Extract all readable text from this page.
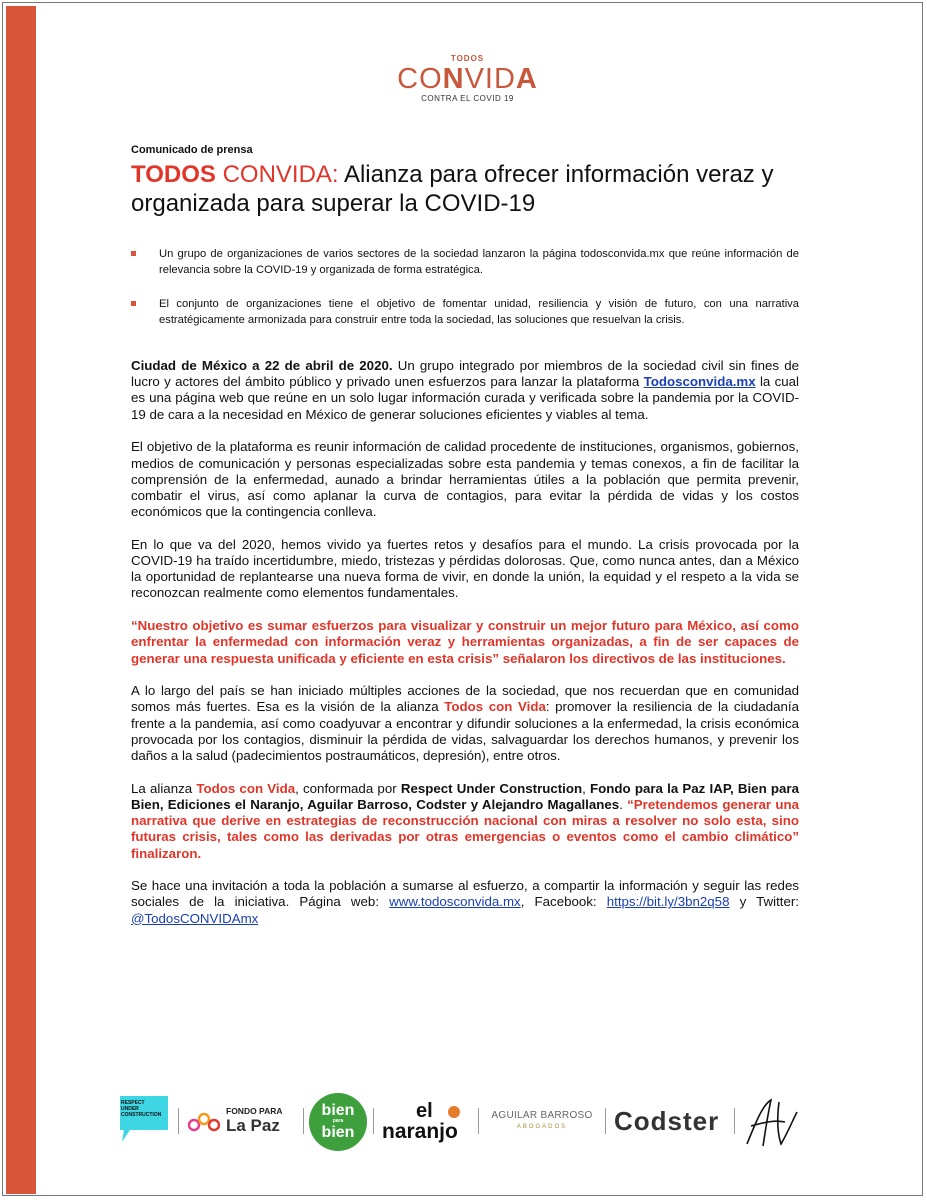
TODOS
CONVIDA
CONTRA EL COVID 19
Comunicado de prensa
TODOS CONVIDA: Alianza para ofrecer información veraz y organizada para superar la COVID-19
Un grupo de organizaciones de varios sectores de la sociedad lanzaron la página todosconvida.mx que reúne información de relevancia sobre la COVID-19 y organizada de forma estratégica.
El conjunto de organizaciones tiene el objetivo de fomentar unidad, resiliencia y visión de futuro, con una narrativa estratégicamente armonizada para construir entre toda la sociedad, las soluciones que resuelvan la crisis.

Ciudad de México a 22 de abril de 2020. Un grupo integrado por miembros de la sociedad civil sin fines de lucro y actores del ámbito público y privado unen esfuerzos para lanzar la plataforma Todosconvida.mx la cual es una página web que reúne en un solo lugar información curada y verificada sobre la pandemia por la COVID-19 de cara a la necesidad en México de generar soluciones eficientes y viables al tema.

El objetivo de la plataforma es reunir información de calidad procedente de instituciones, organismos, gobiernos, medios de comunicación y personas especializadas sobre esta pandemia y temas conexos, a fin de facilitar la comprensión de la enfermedad, aunado a brindar herramientas útiles a la población que permita prevenir, combatir el virus, así como aplanar la curva de contagios, para evitar la pérdida de vidas y los costos económicos que la contingencia conlleva.

En lo que va del 2020, hemos vivido ya fuertes retos y desafíos para el mundo. La crisis provocada por la COVID-19 ha traído incertidumbre, miedo, tristezas y pérdidas dolorosas. Que, como nunca antes, dan a México la oportunidad de replantearse una nueva forma de vivir, en donde la unión, la equidad y el respeto a la vida se reconozcan realmente como elementos fundamentales.

“Nuestro objetivo es sumar esfuerzos para visualizar y construir un mejor futuro para México, así como enfrentar la enfermedad con información veraz y herramientas organizadas, a fin de ser capaces de generar una respuesta unificada y eficiente en esta crisis” señalaron los directivos de las instituciones.

A lo largo del país se han iniciado múltiples acciones de la sociedad, que nos recuerdan que en comunidad somos más fuertes. Esa es la visión de la alianza Todos con Vida: promover la resiliencia de la ciudadanía frente a la pandemia, así como coadyuvar a encontrar y difundir soluciones a la enfermedad, la crisis económica provocada por los contagios, disminuir la pérdida de vidas, salvaguardar los derechos humanos, y prevenir los daños a la salud (padecimientos postraumáticos, depresión), entre otros.

La alianza Todos con Vida, conformada por Respect Under Construction, Fondo para la Paz IAP, Bien para Bien, Ediciones el Naranjo, Aguilar Barroso, Codster y Alejandro Magallanes. “Pretendemos generar una narrativa que derive en estrategias de reconstrucción nacional con miras a resolver no solo esta, sino futuras crisis, tales como las derivadas por otras emergencias o eventos como el cambio climático” finalizaron.

Se hace una invitación a toda la población a sumarse al esfuerzo, a compartir la información y seguir las redes sociales de la iniciativa. Página web: www.todosconvida.mx, Facebook: https://bit.ly/3bn2q58 y Twitter: @TodosCONVIDAmx

RESPECT
UNDER
CONSTRUCTION	FONDO PARA
La Paz
bien
para
bien
el
naranjo
AGUILAR BARROSO
ABOGADOS	Codster
